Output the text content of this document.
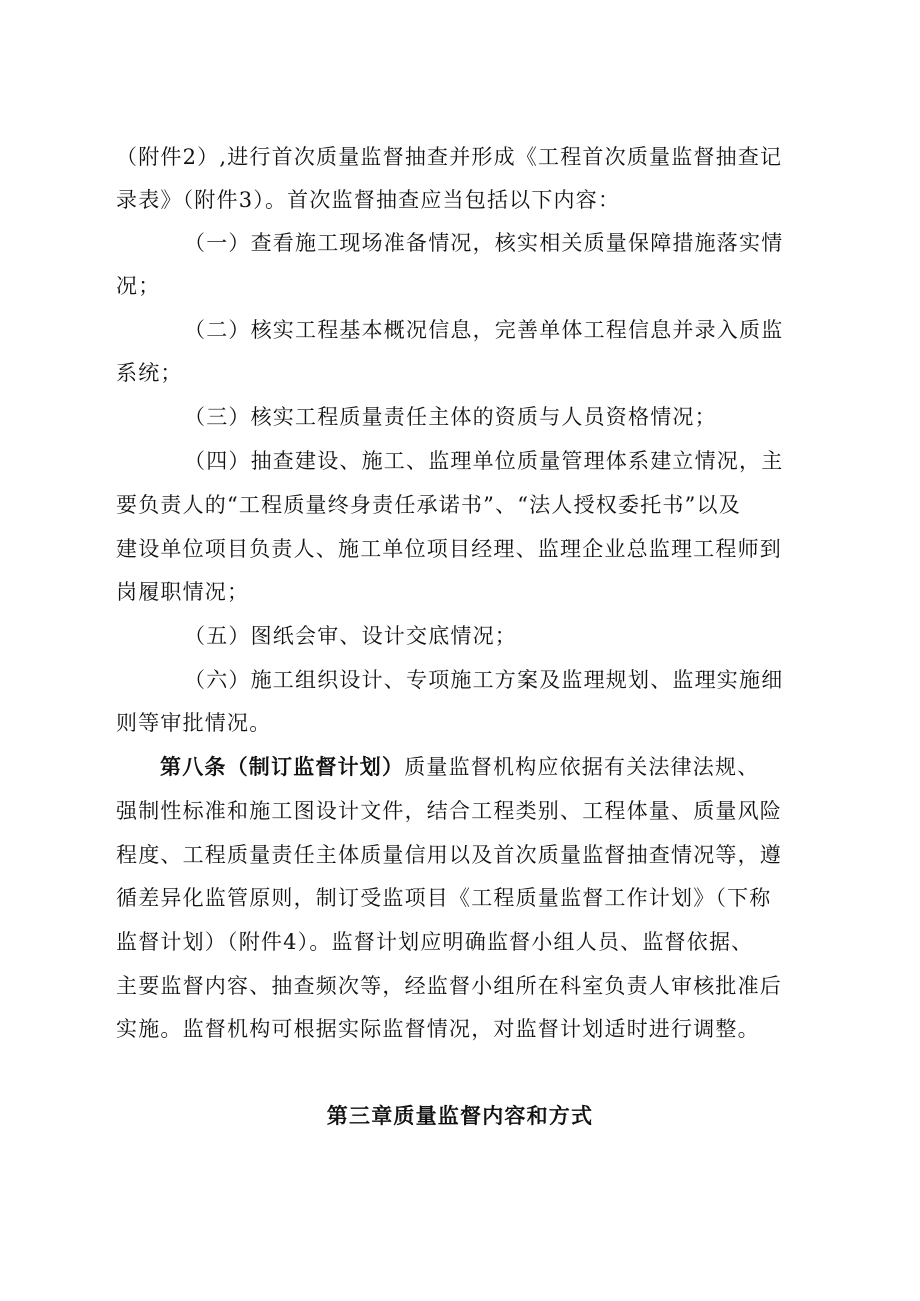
（附件2）,进行首次质量监督抽查并形成《工程首次质量监督抽查记
录表》（附件3）。首次监督抽查应当包括以下内容：
（一）查看施工现场准备情况，核实相关质量保障措施落实情
况；
（二）核实工程基本概况信息，完善单体工程信息并录入质监
系统；
（三）核实工程质量责任主体的资质与人员资格情况；
（四）抽查建设、施工、监理单位质量管理体系建立情况，主
要负责人的“工程质量终身责任承诺书”、“法人授权委托书”以及
建设单位项目负责人、施工单位项目经理、监理企业总监理工程师到
岗履职情况；
（五）图纸会审、设计交底情况；
（六）施工组织设计、专项施工方案及监理规划、监理实施细
则等审批情况。
第八条（制订监督计划）质量监督机构应依据有关法律法规、
强制性标准和施工图设计文件，结合工程类别、工程体量、质量风险
程度、工程质量责任主体质量信用以及首次质量监督抽查情况等，遵
循差异化监管原则，制订受监项目《工程质量监督工作计划》（下称
监督计划）（附件4）。监督计划应明确监督小组人员、监督依据、
主要监督内容、抽查频次等，经监督小组所在科室负责人审核批准后
实施。监督机构可根据实际监督情况，对监督计划适时进行调整。
第三章质量监督内容和方式
